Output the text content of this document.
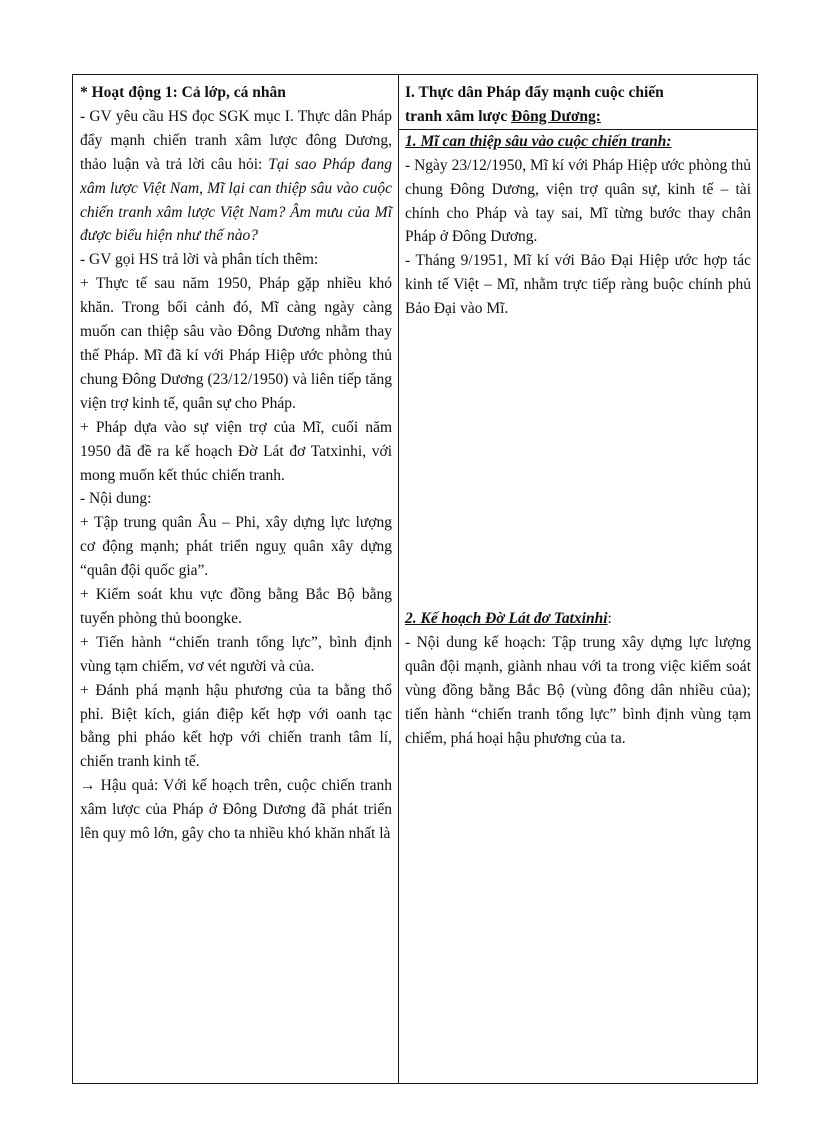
* Hoạt động 1: Cả lớp, cá nhân

- GV yêu cầu HS đọc SGK mục I. Thực dân Pháp đẩy mạnh chiến tranh xâm lược đông Dương, thảo luận và trả lời câu hỏi: Tại sao Pháp đang xâm lược Việt Nam, Mĩ lại can thiệp sâu vào cuộc chiến tranh xâm lược Việt Nam? Âm mưu của Mĩ được biểu hiện như thế nào?

- GV gọi HS trả lời và phân tích thêm:

+ Thực tế sau năm 1950, Pháp gặp nhiều khó khăn. Trong bối cảnh đó, Mĩ càng ngày càng muốn can thiệp sâu vào Đông Dương nhằm thay thế Pháp. Mĩ đã kí với Pháp Hiệp ước phòng thủ chung Đông Dương (23/12/1950) và liên tiếp tăng viện trợ kinh tế, quân sự cho Pháp.

+ Pháp dựa vào sự viện trợ của Mĩ, cuối năm 1950 đã đề ra kế hoạch Đờ Lát đơ Tatxinhi, với mong muốn kết thúc chiến tranh.

- Nội dung:

+ Tập trung quân Âu – Phi, xây dựng lực lượng cơ động mạnh; phát triển nguỵ quân xây dựng “quân đội quốc gia”.

+ Kiểm soát khu vực đồng bằng Bắc Bộ bằng tuyến phòng thủ boongke.

+ Tiến hành “chiến tranh tổng lực”, bình định vùng tạm chiếm, vơ vét người và của.

+ Đánh phá mạnh hậu phương của ta bằng thổ phỉ. Biệt kích, gián điệp kết hợp với oanh tạc bằng phi pháo kết hợp với chiến tranh tâm lí, chiến tranh kinh tế.

→ Hậu quả: Với kế hoạch trên, cuộc chiến tranh xâm lược của Pháp ở Đông Dương đã phát triển lên quy mô lớn, gây cho ta nhiều khó khăn nhất là

I. Thực dân Pháp đẩy mạnh cuộc chiến
tranh xâm lược Đông Dương:

1. Mĩ can thiệp sâu vào cuộc chiến tranh:

- Ngày 23/12/1950, Mĩ kí với Pháp Hiệp ước phòng thủ chung Đông Dương, viện trợ quân sự, kinh tế – tài chính cho Pháp và tay sai, Mĩ từng bước thay chân Pháp ở Đông Dương.

- Tháng 9/1951, Mĩ kí với Bảo Đại Hiệp ước hợp tác kinh tế Việt – Mĩ, nhằm trực tiếp ràng buộc chính phủ Bảo Đại vào Mĩ.

2. Kế hoạch Đờ Lát đơ Tatxinhi:

- Nội dung kế hoạch: Tập trung xây dựng lực lượng quân đội mạnh, giành nhau với ta trong việc kiểm soát vùng đồng bằng Bắc Bộ (vùng đông dân nhiều của); tiến hành “chiến tranh tổng lực” bình định vùng tạm chiếm, phá hoại hậu phương của ta.
